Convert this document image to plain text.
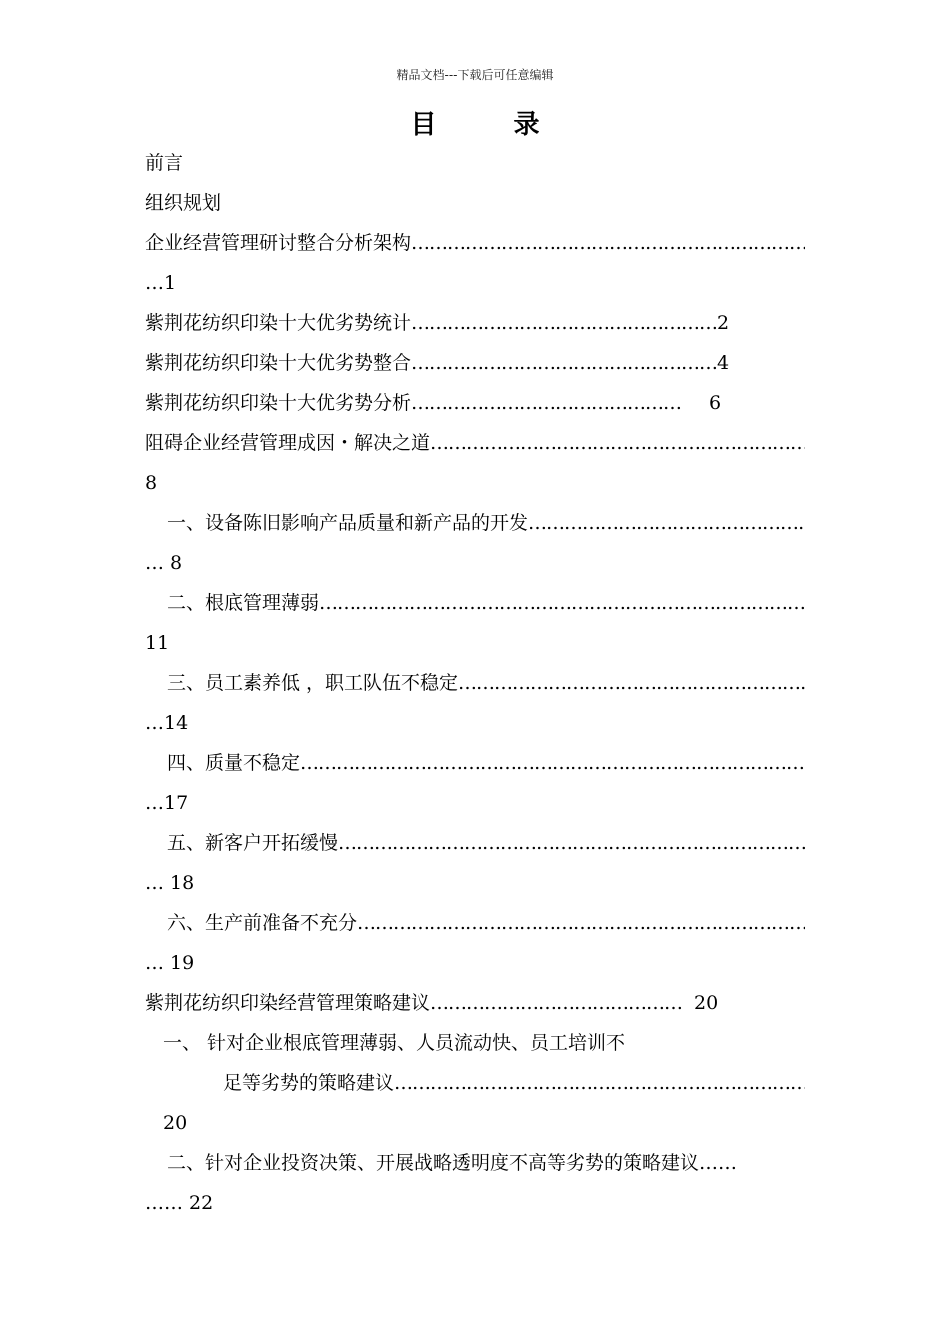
精品文档---下载后可任意编辑
目 录
前言
组织规划
企业经营管理研讨整合分析架构
………………………………………………………………………………………………………………………………………………
…1
紫荆花纺织印染十大优劣势统计……………………………………………2
紫荆花纺织印染十大优劣势整合……………………………………………4
紫荆花纺织印染十大优劣势分析……………………………………… 6
阻碍企业经营管理成因・解决之道
………………………………………………………………………………………………………………………………………………
8
一、设备陈旧影响产品质量和新产品的开发
………………………………………………………………………………………………………………………………………………
… 8
二、根底管理薄弱
………………………………………………………………………………………………………………………………………………
11
三、员工素养低 ，职工队伍不稳定
………………………………………………………………………………………………………………………………………………
…14
四、质量不稳定
………………………………………………………………………………………………………………………………………………
…17
五、新客户开拓缓慢
………………………………………………………………………………………………………………………………………………
… 18
六、生产前准备不充分
………………………………………………………………………………………………………………………………………………
… 19
紫荆花纺织印染经营管理策略建议…………………………………… 20
一、 针对企业根底管理薄弱、人员流动快、员工培训不
足等劣势的策略建议
………………………………………………………………………………………………………………………………………………
20
二、针对企业投资决策、开展战略透明度不高等劣势的策略建议……
…… 22
